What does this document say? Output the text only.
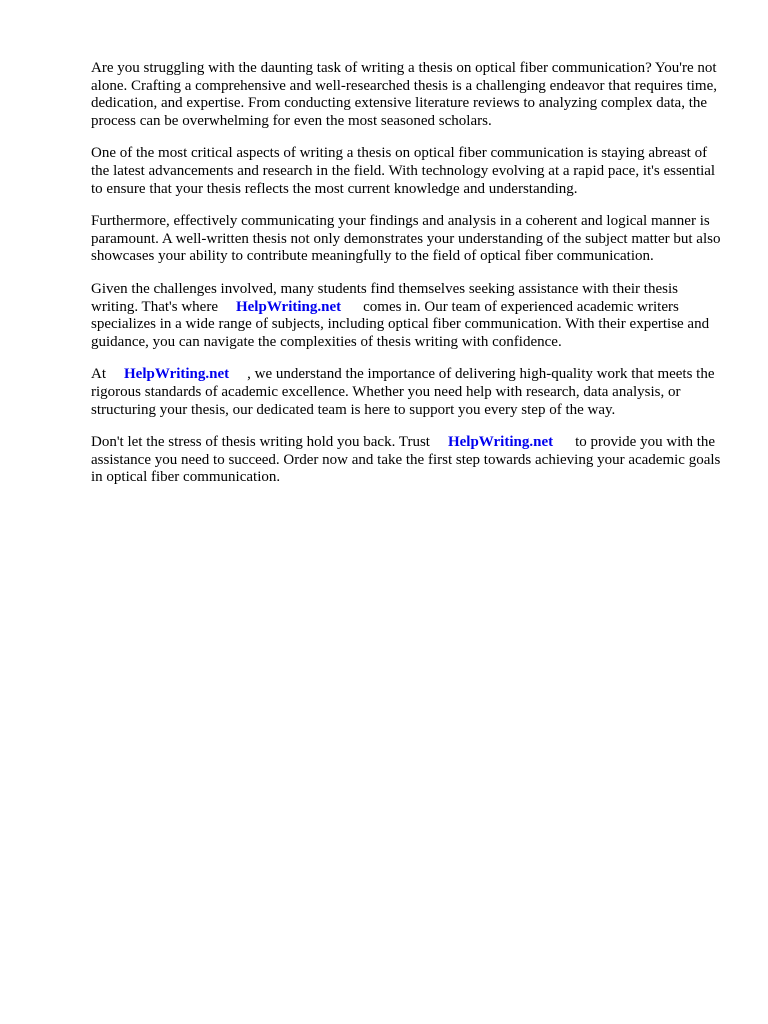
Are you struggling with the daunting task of writing a thesis on optical fiber communication? You're not alone. Crafting a comprehensive and well-researched thesis is a challenging endeavor that requires time, dedication, and expertise. From conducting extensive literature reviews to analyzing complex data, the process can be overwhelming for even the most seasoned scholars.

One of the most critical aspects of writing a thesis on optical fiber communication is staying abreast of the latest advancements and research in the field. With technology evolving at a rapid pace, it's essential to ensure that your thesis reflects the most current knowledge and understanding.

Furthermore, effectively communicating your findings and analysis in a coherent and logical manner is paramount. A well-written thesis not only demonstrates your understanding of the subject matter but also showcases your ability to contribute meaningfully to the field of optical fiber communication.

Given the challenges involved, many students find themselves seeking assistance with their thesis writing. That's where HelpWriting.net comes in. Our team of experienced academic writers specializes in a wide range of subjects, including optical fiber communication. With their expertise and guidance, you can navigate the complexities of thesis writing with confidence.

At HelpWriting.net , we understand the importance of delivering high-quality work that meets the rigorous standards of academic excellence. Whether you need help with research, data analysis, or structuring your thesis, our dedicated team is here to support you every step of the way.

Don't let the stress of thesis writing hold you back. Trust HelpWriting.net to provide you with the assistance you need to succeed. Order now and take the first step towards achieving your academic goals in optical fiber communication.
